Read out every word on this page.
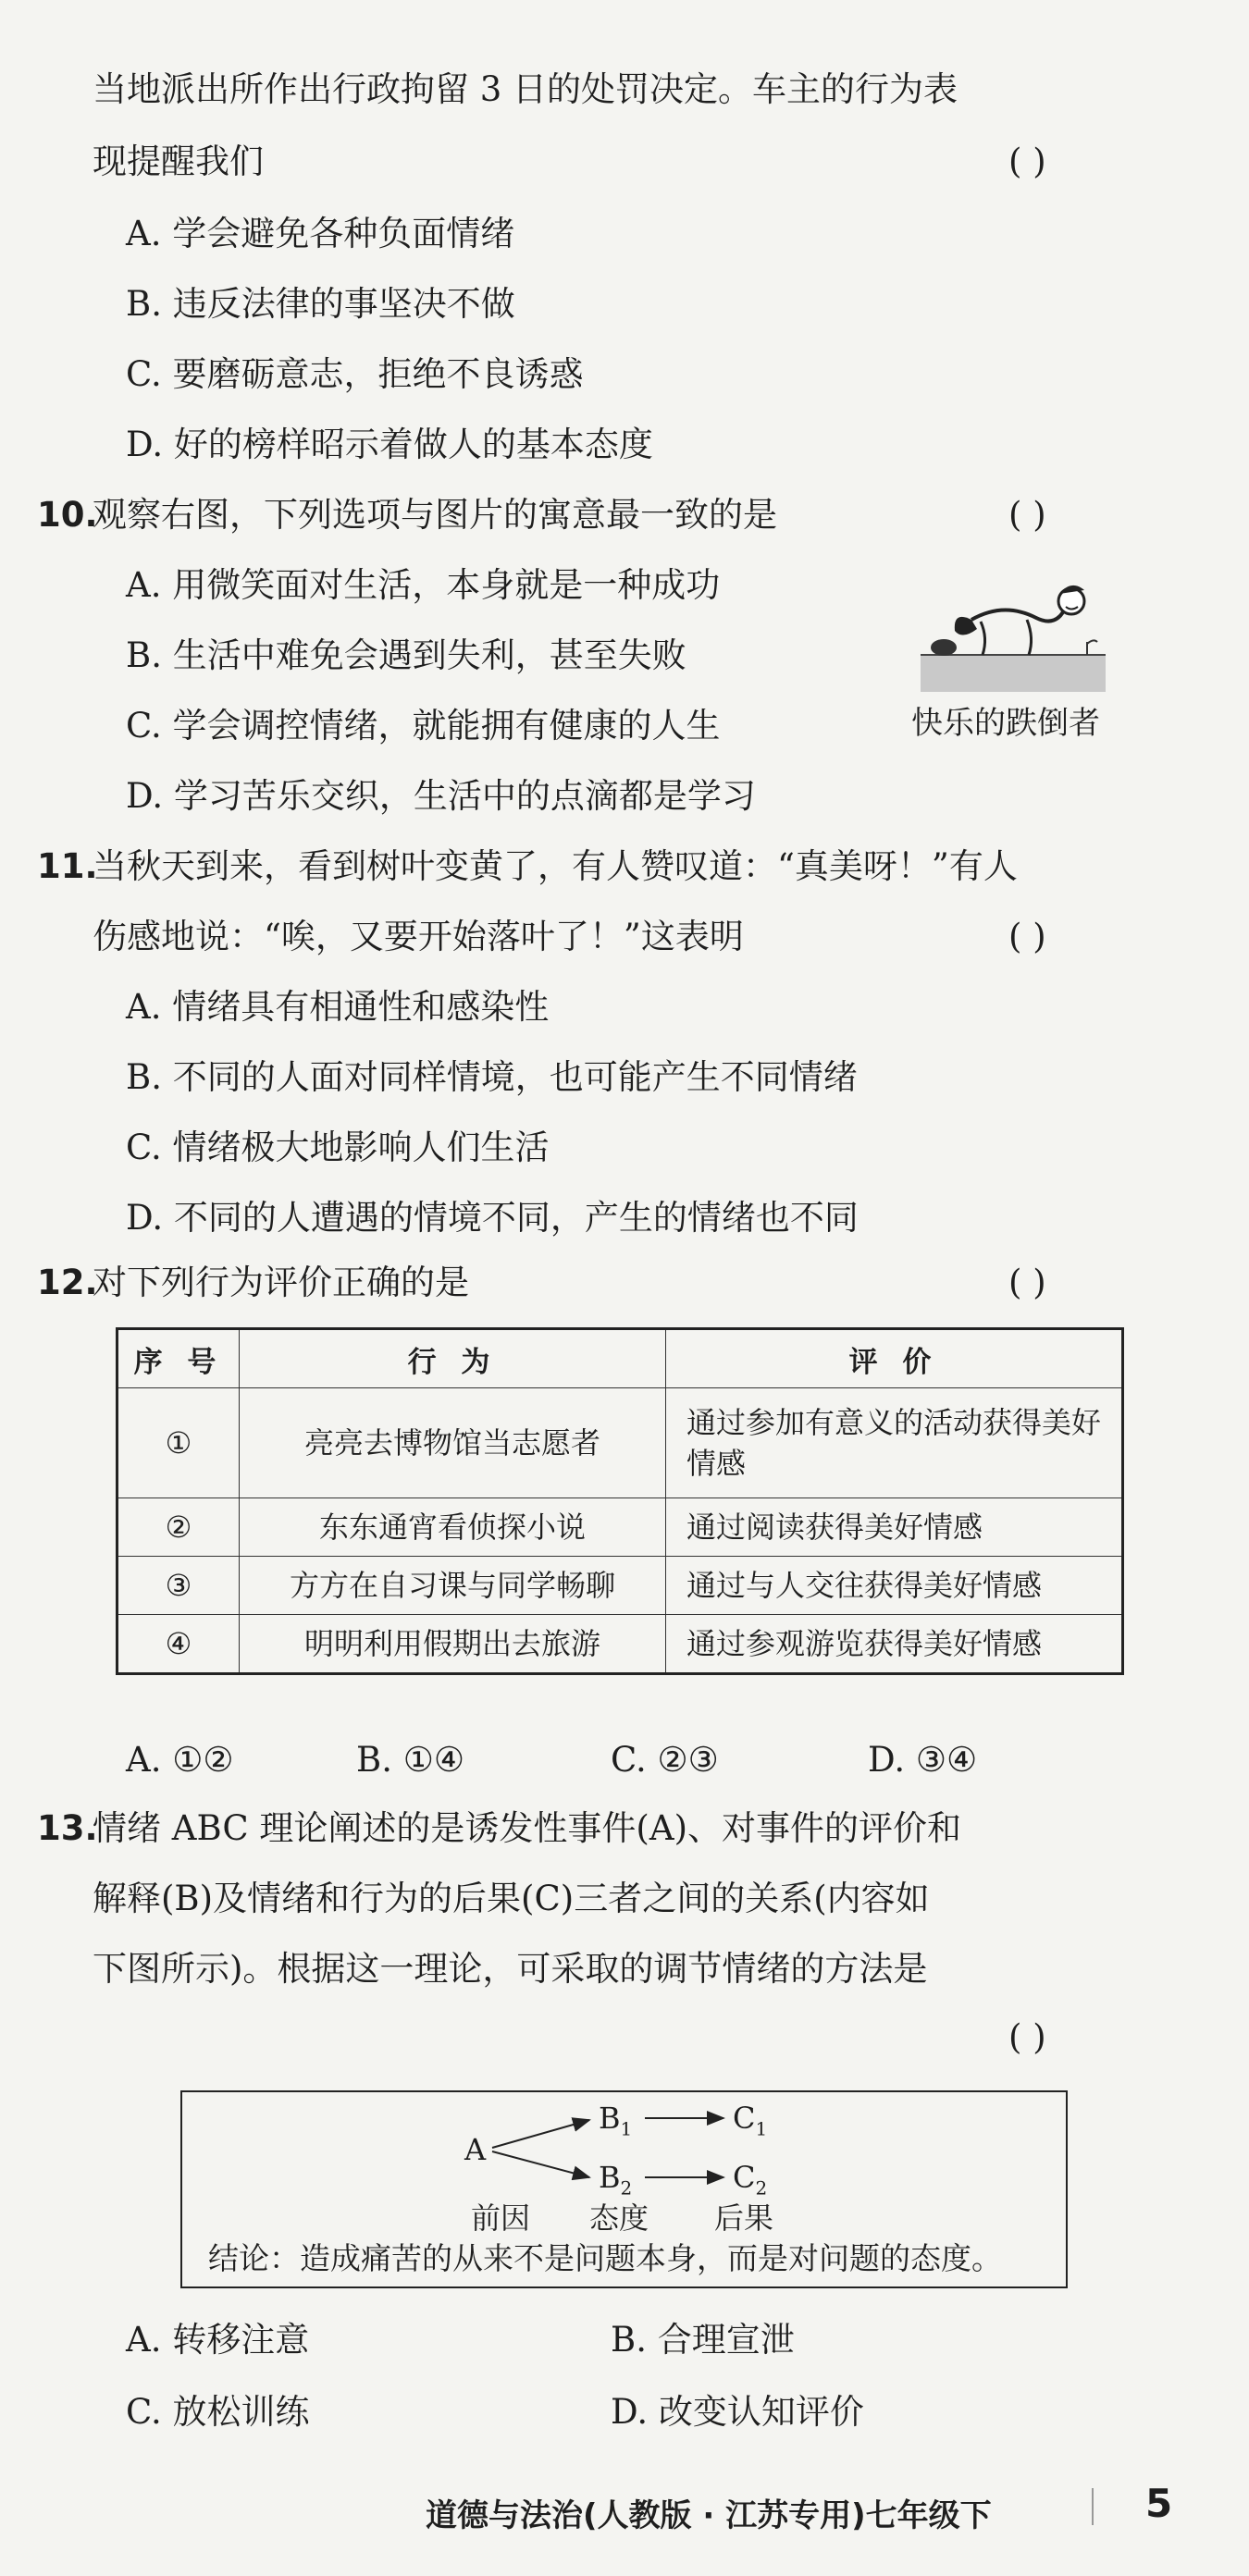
当地派出所作出行政拘留 3 日的处罚决定。车主的行为表
现提醒我们	( )
A. 学会避免各种负面情绪
B. 违反法律的事坚决不做
C. 要磨砺意志，拒绝不良诱惑
D. 好的榜样昭示着做人的基本态度
10.
观察右图，下列选项与图片的寓意最一致的是	( )
A. 用微笑面对生活，本身就是一种成功
B. 生活中难免会遇到失利，甚至失败
C. 学会调控情绪，就能拥有健康的人生
D. 学习苦乐交织，生活中的点滴都是学习
快乐的跌倒者
11.
当秋天到来，看到树叶变黄了，有人赞叹道：“真美呀！”有人
伤感地说：“唉，又要开始落叶了！”这表明	( )
A. 情绪具有相通性和感染性
B. 不同的人面对同样情境，也可能产生不同情绪
C. 情绪极大地影响人们生活
D. 不同的人遭遇的情境不同，产生的情绪也不同
12.
对下列行为评价正确的是	( )
序 号	行 为	评 价
①	亮亮去博物馆当志愿者	通过参加有意义的活动获得美好情感
②	东东通宵看侦探小说	通过阅读获得美好情感
③	方方在自习课与同学畅聊	通过与人交往获得美好情感
④	明明利用假期出去旅游	通过参观游览获得美好情感
A. ①②	B. ①④	C. ②③	D. ③④
13.
情绪 ABC 理论阐述的是诱发性事件(A)、对事件的评价和
解释(B)及情绪和行为的后果(C)三者之间的关系(内容如
下图所示)。根据这一理论，可采取的调节情绪的方法是
( )
A
$B_1$	$C_1$
$B_2$	$C_2$
前因 态度 后果
结论：造成痛苦的从来不是问题本身，而是对问题的态度。
A. 转移注意	B. 合理宣泄
C. 放松训练	D. 改变认知评价
道德与法治(人教版 · 江苏专用)七年级下	5
